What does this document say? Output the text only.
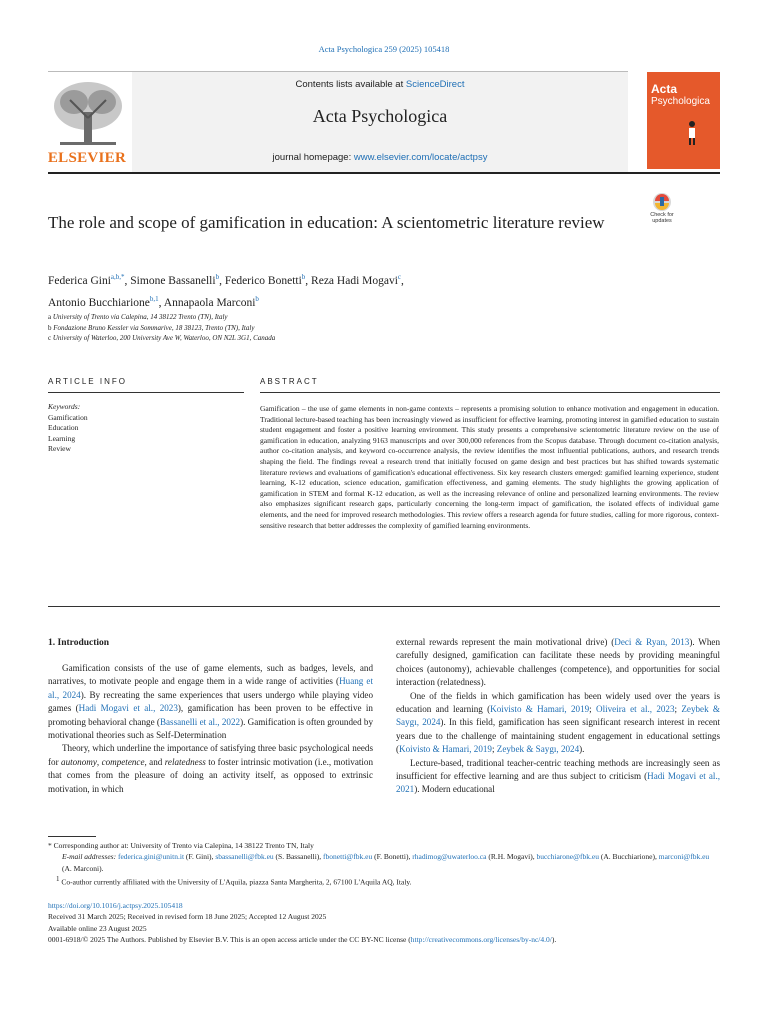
Acta Psychologica 259 (2025) 105418
ELSEVIER
Contents lists available at ScienceDirect
Acta Psychologica
journal homepage: www.elsevier.com/locate/actpsy
Acta
Psychologica
Check for updates
The role and scope of gamification in education: A scientometric literature review
Federica Gini$^{a,b,*}$, Simone Bassanelli$^b$, Federico Bonetti$^b$, Reza Hadi Mogavi$^c$,
Antonio Bucchiarione$^{b,1}$, Annapaola Marconi$^b$
a University of Trento via Calepina, 14 38122 Trento (TN), Italy
b Fondazione Bruno Kessler via Sommarive, 18 38123, Trento (TN), Italy
c University of Waterloo, 200 University Ave W, Waterloo, ON N2L 3G1, Canada
ARTICLE INFO	ABSTRACT
Keywords:
Gamification
Education
Learning
Review
Gamification – the use of game elements in non-game contexts – represents a promising solution to enhance motivation and engagement in education. Traditional lecture-based teaching has been increasingly viewed as insufficient for effective learning, promoting interest in gamified education to sustain student engagement and foster a positive learning environment. This study presents a comprehensive scientometric literature review on the use of gamification in education, analyzing 9163 manuscripts and over 300,000 references from the Scopus database. Through document co-citation analysis, author co-citation analysis, and keyword co-occurrence analysis, the review identifies the most influential publications, authors, and research trends shaping the field. The findings reveal a research trend that initially focused on game design and best practices but has shifted towards systematic literature reviews and evaluations of gamification's educational effectiveness. Six key research clusters emerged: gamified learning experience, student learning, K-12 education, science education, gamification effectiveness, and gaming elements. The study highlights the growing application of gamification in STEM and formal K-12 education, as well as the increasing relevance of online and personalized learning environments. The review also emphasizes significant research gaps, particularly concerning the long-term impact of gamification, the isolated effects of individual game elements, and the need for improved research methodologies. This review offers a research agenda for future studies, calling for more rigorous, context-sensitive research that better addresses the complexity of gamified learning environments.
1. Introduction

Gamification consists of the use of game elements, such as badges, levels, and narratives, to motivate people and engage them in a wide range of activities (Huang et al., 2024). By recreating the same experiences that users undergo while playing video games (Hadi Mogavi et al., 2023), gamification has been proven to be effective in promoting behavioral change (Bassanelli et al., 2022). Gamification is often grounded by motivational theories such as Self-Determination

Theory, which underline the importance of satisfying three basic psychological needs for autonomy, competence, and relatedness to foster intrinsic motivation (i.e., motivation that comes from the pleasure of doing an activity itself, as opposed to extrinsic motivation, in which

external rewards represent the main motivational drive) (Deci & Ryan, 2013). When carefully designed, gamification can facilitate these needs by providing meaningful choices (autonomy), achievable challenges (competence), and opportunities for social interaction (relatedness).

One of the fields in which gamification has been widely used over the years is education and learning (Koivisto & Hamari, 2019; Oliveira et al., 2023; Zeybek & Saygı, 2024). In this field, gamification has seen significant research interest in recent years due to the challenge of maintaining student engagement in educational settings (Koivisto & Hamari, 2019; Zeybek & Saygı, 2024).

Lecture-based, traditional teacher-centric teaching methods are increasingly seen as insufficient for effective learning and are thus subject to criticism (Hadi Mogavi et al., 2021). Modern educational

* Corresponding author at: University of Trento via Calepina, 14 38122 Trento TN, Italy
E-mail addresses: federica.gini@unitn.it (F. Gini), sbassanelli@fbk.eu (S. Bassanelli), fbonetti@fbk.eu (F. Bonetti), rhadimog@uwaterloo.ca (R.H. Mogavi), bucchiarone@fbk.eu (A. Bucchiarione), marconi@fbk.eu (A. Marconi).
$^1$ Co-author currently affiliated with the University of L'Aquila, piazza Santa Margherita, 2, 67100 L'Aquila AQ, Italy.
https://doi.org/10.1016/j.actpsy.2025.105418
Received 31 March 2025; Received in revised form 18 June 2025; Accepted 12 August 2025
Available online 23 August 2025
0001-6918/© 2025 The Authors. Published by Elsevier B.V. This is an open access article under the CC BY-NC license (http://creativecommons.org/licenses/by-nc/4.0/).
